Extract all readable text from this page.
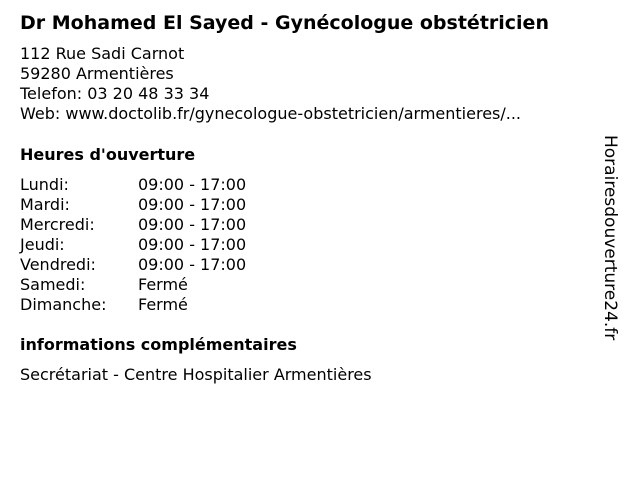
Dr Mohamed El Sayed - Gynécologue obstétricien
112 Rue Sadi Carnot
59280 Armentières
Telefon: 03 20 48 33 34
Web: www.doctolib.fr/gynecologue-obstetricien/armentieres/...
Heures d'ouverture
Lundi:	09:00 - 17:00
Mardi:	09:00 - 17:00
Mercredi:	09:00 - 17:00
Jeudi:	09:00 - 17:00
Vendredi:	09:00 - 17:00
Samedi:	Fermé
Dimanche: Fermé
informations complémentaires
Secrétariat - Centre Hospitalier Armentières
Horairesdouverture24.fr
